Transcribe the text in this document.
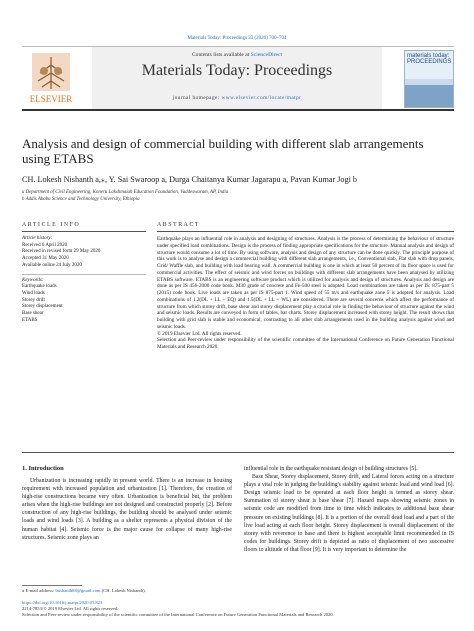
Materials Today: Proceedings 33 (2020) 700–704
ELSEVIER
Contents lists available at ScienceDirect
Materials Today: Proceedings
journal homepage: www.elsevier.com/locate/matpr
materials today: PROCEEDINGS
Analysis and design of commercial building with different slab arrangements using ETABS
CH. Lokesh Nishanth a,⁎, Y. Sai Swaroop a, Durga Chaitanya Kumar Jagarapu a, Pavan Kumar Jogi b
a Department of Civil Engineering, Koneru Lakshmaiah Education Foundation, Vaddeswaram, AP, India
b Addis Ababa Science and Technology University, Ethiopia
ARTICLE INFO	ABSTRACT
Article history:
Received 6 April 2020
Received in revised form 29 May 2020
Accepted 31 May 2020
Available online 24 July 2020
Keywords:
Earthquake loads
Wind loads
Storey drift
Storey displacement
Base shear
ETABS

Earthquake plays an influential role in analysis and designing of structures. Analysis is the process of determining the behaviour of structure under specified load combinations. Design is the process of finding appropriate specifications for the structure. Manual analysis and design of structure would consume a lot of time. By using software, analysis and design of any structure can be done quickly. The principle purpose of this work is to analyse and design a commercial building with different slab arrangements, i.e., Conventional slab, Flat slab with drop panels, Grid/ Waffle slab, and building with load bearing wall. A commercial building is one in which at least 50 percent of its floor space is used for commercial activities. The effect of seismic and wind forces on buildings with different slab arrangements have been analysed by utilizing ETABS software. ETABS is an engineering software product which is utilized for analysis and design of structures. Analysis and design are done as per IS 456-2000 code book. M30 grade of concrete and Fe-500 steel is adopted. Load combinations are taken as per IS: 875-part 5 (2015) code book. Live loads are taken as per IS 875-part 1. Wind speed of 55 m/s and earthquake zone 5 is adopted for analysis. Load combinations of 1.2(DL + LL + EQ) and 1.5(DL + LL + WL) are considered. There are several concerns which affect the performance of structure from which storey drift, base shear and storey displacement play a crucial role in finding the behaviour of structure against the wind and seismic loads. Results are conveyed in form of tables, bar charts. Storey displacement increased with storey height. The result shows that building with grid slab is stable and economical, contrasting to all other slab arrangements used in the building analysis against wind and seismic loads.

© 2019 Elsevier Ltd. All rights reserved.

Selection and Peer-review under responsibility of the scientific committee of the International Conference on Future Generation Functional Materials and Research 2020.

1. Introduction

Urbanization is increasing rapidly in present world. There is an increase in housing requirement with increased population and urbanization [1]. Therefore, the creation of high-rise constructions became very often. Urbanization is beneficial but, the problem arises when the high-rise buildings are not designed and constructed properly [2]. Before construction of any high-rise buildings, the building should be analysed under seismic loads and wind loads [3]. A building as a shelter represents a physical division of the human habitat [4]. Seismic force is the major cause for collapse of many high-rise structures. Seismic zone plays an

influential role in the earthquake resistant design of building structures [5].

Base Shear, Storey displacement, Storey drift, and Lateral forces acting on a structure plays a vital role in judging the building's stability against seismic load and wind load [6]. Design seismic load to be operated at each floor height is termed as storey shear. Summation of storey shear is base shear [7]. Hazard maps showing seismic zones in seismic code are modified from time to time which indicates to additional base shear pressure on existing buildings [8]. It is a portion of the overall dead load and a part of the live load acting at each floor height. Storey displacement is overall displacement of the storey with reverence to base and there is highest acceptable limit recommended in IS codes for buildings. Storey drift is depicted as ratio of displacement of two successive floors to altitude of that floor [9]. It is very important to determine the

⁎ E-mail address: lnishanth88@gmail.com (CH. Lokesh Nishanth).
https://doi.org/10.1016/j.matpr.2020.05.823
2214-7853/© 2019 Elsevier Ltd. All rights reserved.
Selection and Peer-review under responsibility of the scientific committee of the International Conference on Future Generation Functional Materials and Research 2020.
